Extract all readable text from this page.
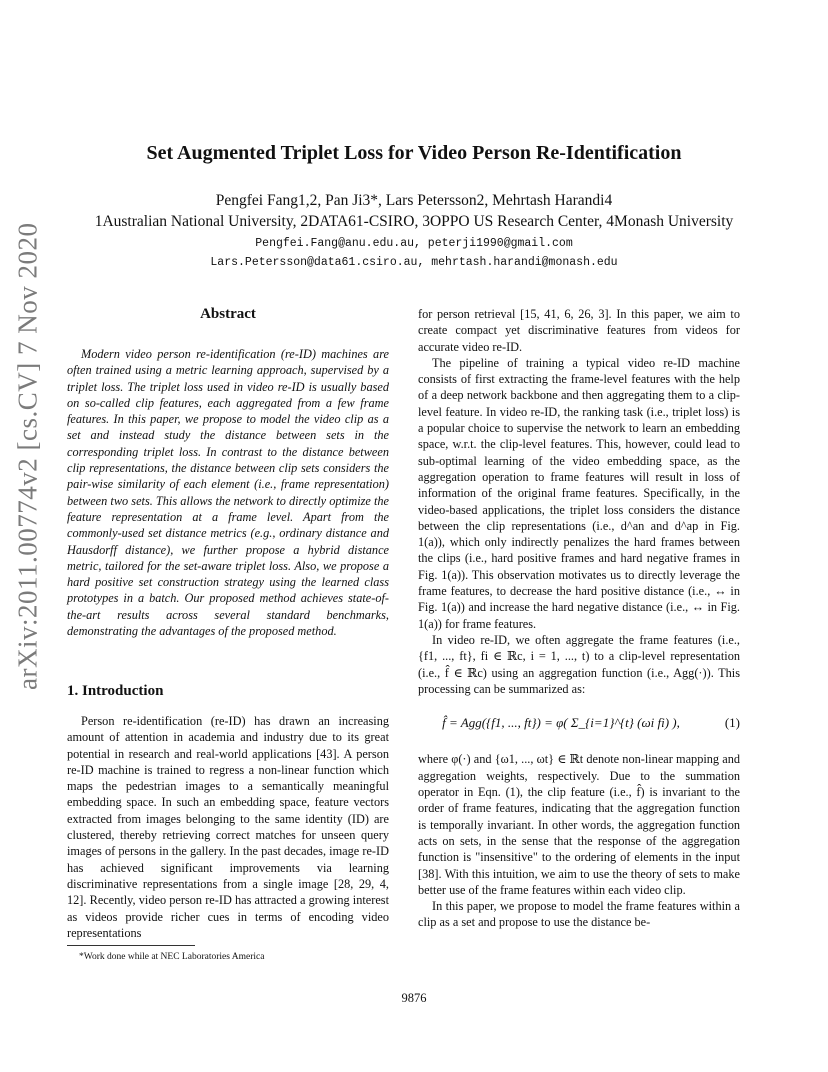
arXiv:2011.00774v2 [cs.CV] 7 Nov 2020
Set Augmented Triplet Loss for Video Person Re-Identification
Pengfei Fang1,2, Pan Ji3*, Lars Petersson2, Mehrtash Harandi4
1Australian National University, 2DATA61-CSIRO, 3OPPO US Research Center, 4Monash University
Pengfei.Fang@anu.edu.au, peterji1990@gmail.com
Lars.Petersson@data61.csiro.au, mehrtash.harandi@monash.edu
Abstract

Modern video person re-identification (re-ID) machines are often trained using a metric learning approach, supervised by a triplet loss. The triplet loss used in video re-ID is usually based on so-called clip features, each aggregated from a few frame features. In this paper, we propose to model the video clip as a set and instead study the distance between sets in the corresponding triplet loss. In contrast to the distance between clip representations, the distance between clip sets considers the pair-wise similarity of each element (i.e., frame representation) between two sets. This allows the network to directly optimize the feature representation at a frame level. Apart from the commonly-used set distance metrics (e.g., ordinary distance and Hausdorff distance), we further propose a hybrid distance metric, tailored for the set-aware triplet loss. Also, we propose a hard positive set construction strategy using the learned class prototypes in a batch. Our proposed method achieves state-of-the-art results across several standard benchmarks, demonstrating the advantages of the proposed method.

1. Introduction

Person re-identification (re-ID) has drawn an increasing amount of attention in academia and industry due to its great potential in research and real-world applications [43]. A person re-ID machine is trained to regress a non-linear function which maps the pedestrian images to a semantically meaningful embedding space. In such an embedding space, feature vectors extracted from images belonging to the same identity (ID) are clustered, thereby retrieving correct matches for unseen query images of persons in the gallery. In the past decades, image re-ID has achieved significant improvements via learning discriminative representations from a single image [28, 29, 4, 12]. Recently, video person re-ID has attracted a growing interest as videos provide richer cues in terms of encoding video representations

for person retrieval [15, 41, 6, 26, 3]. In this paper, we aim to create compact yet discriminative features from videos for accurate video re-ID.

The pipeline of training a typical video re-ID machine consists of first extracting the frame-level features with the help of a deep network backbone and then aggregating them to a clip-level feature. In video re-ID, the ranking task (i.e., triplet loss) is a popular choice to supervise the network to learn an embedding space, w.r.t. the clip-level features. This, however, could lead to sub-optimal learning of the video embedding space, as the aggregation operation to frame features will result in loss of information of the original frame features. Specifically, in the video-based applications, the triplet loss considers the distance between the clip representations (i.e., d^an and d^ap in Fig. 1(a)), which only indirectly penalizes the hard frames between the clips (i.e., hard positive frames and hard negative frames in Fig. 1(a)). This observation motivates us to directly leverage the frame features, to decrease the hard positive distance (i.e., ↔ in Fig. 1(a)) and increase the hard negative distance (i.e., ↔ in Fig. 1(a)) for frame features.

In video re-ID, we often aggregate the frame features (i.e., {f1, ..., ft}, fi ∈ ℝc, i = 1, ..., t) to a clip-level representation (i.e., f̂ ∈ ℝc) using an aggregation function (i.e., Agg(·)). This processing can be summarized as:

f̂ = Agg({f1, ..., ft}) = φ( Σ_{i=1}^{t} (ωi fi) ),	(1)

where φ(·) and {ω1, ..., ωt} ∈ ℝt denote non-linear mapping and aggregation weights, respectively. Due to the summation operator in Eqn. (1), the clip feature (i.e., f̂) is invariant to the order of frame features, indicating that the aggregation function is temporally invariant. In other words, the aggregation function acts on sets, in the sense that the response of the aggregation function is "insensitive" to the ordering of elements in the input [38]. With this intuition, we aim to use the theory of sets to make better use of the frame features within each video clip.

In this paper, we propose to model the frame features within a clip as a set and propose to use the distance be-

*Work done while at NEC Laboratories America
9876
